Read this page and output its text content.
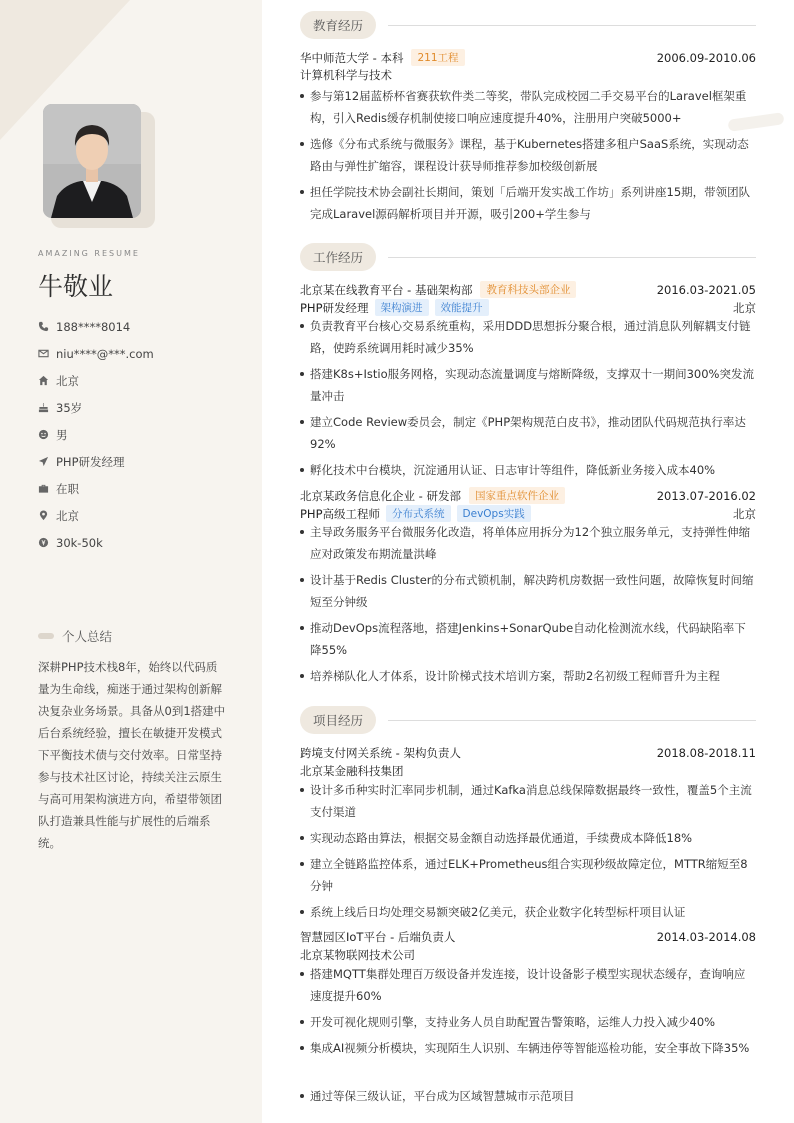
AMAZING RESUME
牛敬业
188****8014
niu****@***.com
北京
35岁
男
PHP研发经理
在职
北京
30k-50k
个人总结
深耕PHP技术栈8年，始终以代码质量为生命线，痴迷于通过架构创新解决复杂业务场景。具备从0到1搭建中后台系统经验，擅长在敏捷开发模式下平衡技术债与交付效率。日常坚持参与技术社区讨论，持续关注云原生与高可用架构演进方向，希望带领团队打造兼具性能与扩展性的后端系统。
教育经历
华中师范大学 - 本科	211工程	2006.09-2010.06
计算机科学与技术
参与第12届蓝桥杯省赛获软件类二等奖，带队完成校园二手交易平台的Laravel框架重构，引入Redis缓存机制使接口响应速度提升40%，注册用户突破5000+
选修《分布式系统与微服务》课程，基于Kubernetes搭建多租户SaaS系统，实现动态路由与弹性扩缩容，课程设计获导师推荐参加校级创新展
担任学院技术协会副社长期间，策划「后端开发实战工作坊」系列讲座15期，带领团队完成Laravel源码解析项目并开源，吸引200+学生参与
工作经历
北京某在线教育平台 - 基础架构部	教育科技头部企业	2016.03-2021.05
PHP研发经理	架构演进	效能提升	北京
负责教育平台核心交易系统重构，采用DDD思想拆分聚合根，通过消息队列解耦支付链路，使跨系统调用耗时减少35%
搭建K8s+Istio服务网格，实现动态流量调度与熔断降级，支撑双十一期间300%突发流量冲击
建立Code Review委员会，制定《PHP架构规范白皮书》，推动团队代码规范执行率达92%
孵化技术中台模块，沉淀通用认证、日志审计等组件，降低新业务接入成本40%
北京某政务信息化企业 - 研发部	国家重点软件企业	2013.07-2016.02
PHP高级工程师	分布式系统	DevOps实践	北京
主导政务服务平台微服务化改造，将单体应用拆分为12个独立服务单元，支持弹性伸缩应对政策发布期流量洪峰
设计基于Redis Cluster的分布式锁机制，解决跨机房数据一致性问题，故障恢复时间缩短至分钟级
推动DevOps流程落地，搭建Jenkins+SonarQube自动化检测流水线，代码缺陷率下降55%
培养梯队化人才体系，设计阶梯式技术培训方案，帮助2名初级工程师晋升为主程
项目经历
跨境支付网关系统 - 架构负责人	2018.08-2018.11
北京某金融科技集团
设计多币种实时汇率同步机制，通过Kafka消息总线保障数据最终一致性，覆盖5个主流支付渠道
实现动态路由算法，根据交易金额自动选择最优通道，手续费成本降低18%
建立全链路监控体系，通过ELK+Prometheus组合实现秒级故障定位，MTTR缩短至8分钟
系统上线后日均处理交易额突破2亿美元，获企业数字化转型标杆项目认证
智慧园区IoT平台 - 后端负责人	2014.03-2014.08
北京某物联网技术公司
搭建MQTT集群处理百万级设备并发连接，设计设备影子模型实现状态缓存，查询响应速度提升60%
开发可视化规则引擎，支持业务人员自助配置告警策略，运维人力投入减少40%
集成AI视频分析模块，实现陌生人识别、车辆违停等智能巡检功能，安全事故下降35%
通过等保三级认证，平台成为区域智慧城市示范项目
